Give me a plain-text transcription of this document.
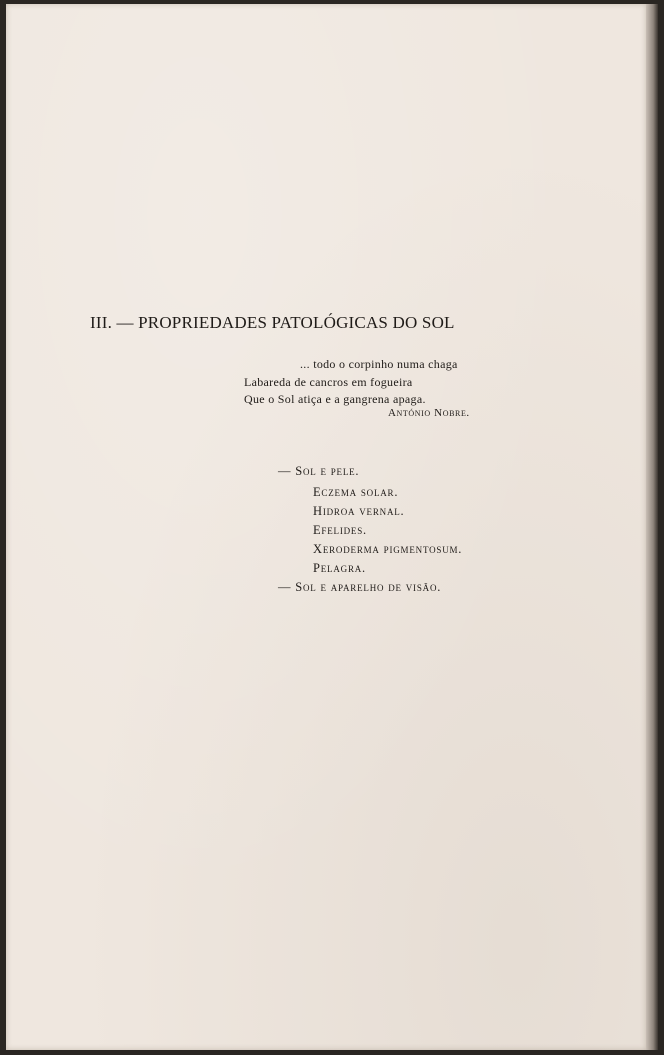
III. — PROPRIEDADES PATOLÓGICAS DO SOL
... todo o corpinho numa chaga
Labareda de cancros em fogueira
Que o Sol atiça e a gangrena apaga.
António Nobre.
— Sol e pele.
Eczema solar.
Hidroa vernal.
Efelides.
Xeroderma pigmentosum.
Pelagra.
— Sol e aparelho de visão.
